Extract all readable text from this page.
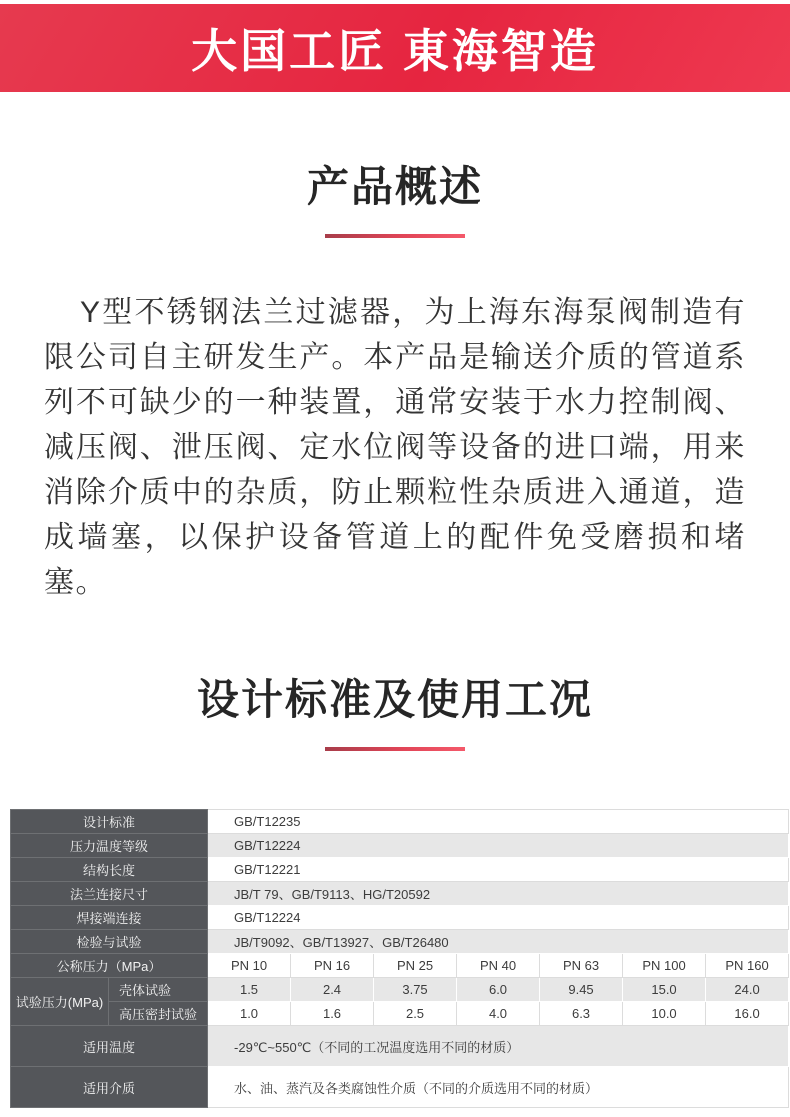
大国工匠 東海智造
产品概述

Y型不锈钢法兰过滤器，为上海东海泵阀制造有限公司自主研发生产。本产品是输送介质的管道系列不可缺少的一种装置，通常安装于水力控制阀、减压阀、泄压阀、定水位阀等设备的进口端，用来消除介质中的杂质，防止颗粒性杂质进入通道，造成墙塞，以保护设备管道上的配件免受磨损和堵塞。

设计标准及使用工况
设计标准		GB/T12235						
压力温度等级		GB/T12224						
结构长度		GB/T12221						
法兰连接尺寸		JB/T 79、GB/T9113、HG/T20592						
焊接端连接		GB/T12224						
检验与试验		JB/T9092、GB/T13927、GB/T26480						
公称压力（MPa）		PN 10	PN 16	PN 25	PN 40	PN 63	PN 100	PN 160
试验压力(MPa)	壳体试验	1.5	2.4	3.75	6.0	9.45	15.0	24.0
	高压密封试验	1.0	1.6	2.5	4.0	6.3	10.0	16.0
适用温度		-29℃~550℃（不同的工况温度选用不同的材质）						
适用介质		水、油、蒸汽及各类腐蚀性介质（不同的介质选用不同的材质）						
